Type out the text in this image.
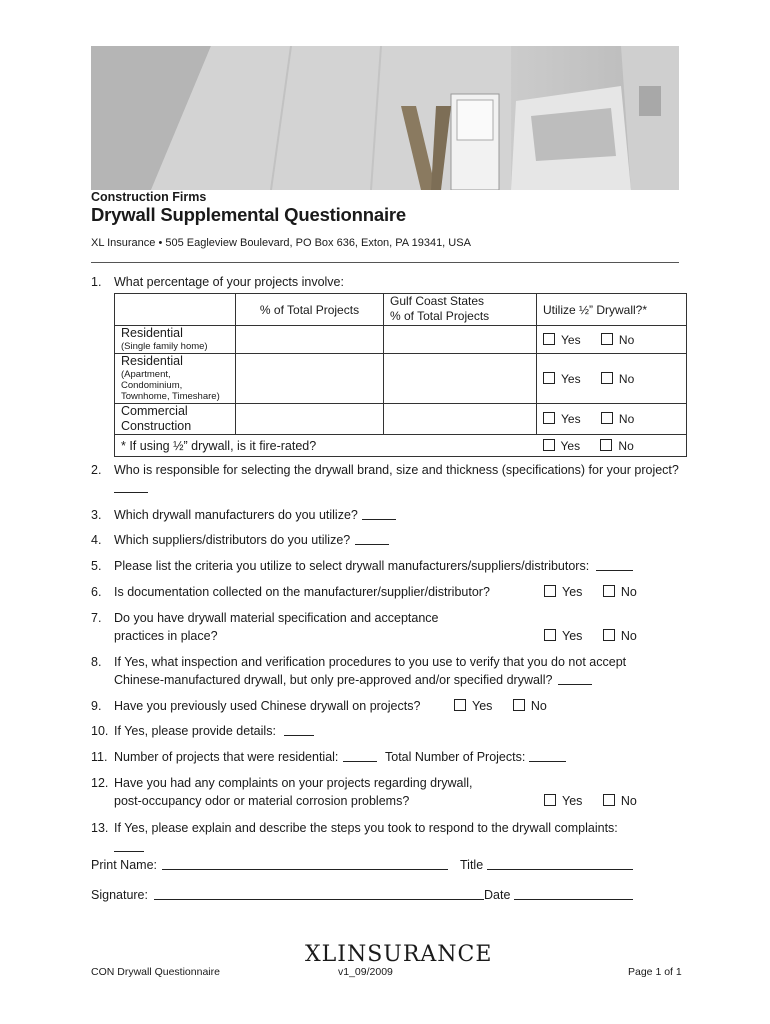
Construction Firms
Drywall Supplemental Questionnaire
XL Insurance • 505 Eagleview Boulevard, PO Box 636, Exton, PA 19341, USA
1. What percentage of your projects involve:
	% of Total Projects	Gulf Coast States
% of Total Projects	Utilize ½” Drywall?*

Residential
(Single family home)			Yes No

Residential
(Apartment,
Condominium,
Townhome, Timeshare)			Yes No

Commercial
Construction			Yes No
* If using ½” drywall, is it fire-rated?			Yes No
2. Who is responsible for selecting the drywall brand, size and thickness (specifications) for your project?
3. Which drywall manufacturers do you utilize?
4. Which suppliers/distributors do you utilize?
5. Please list the criteria you utilize to select drywall manufacturers/suppliers/distributors:
6. Is documentation collected on the manufacturer/supplier/distributor?	Yes	No
7. Do you have drywall material specification and acceptance
practices in place?	Yes	No
8. If Yes, what inspection and verification procedures to you use to verify that you do not accept
Chinese-manufactured drywall, but only pre-approved and/or specified drywall?
9. Have you previously used Chinese drywall on projects?	Yes	No
10. If Yes, please provide details:
11. Number of projects that were residential:	Total Number of Projects:
12. Have you had any complaints on your projects regarding drywall,
post-occupancy odor or material corrosion problems?	Yes	No
13. If Yes, please explain and describe the steps you took to respond to the drywall complaints:
Print Name:	Title
Signature:	Date
XLINSURANCE
CON Drywall Questionnaire	v1_09/2009	Page 1 of 1
